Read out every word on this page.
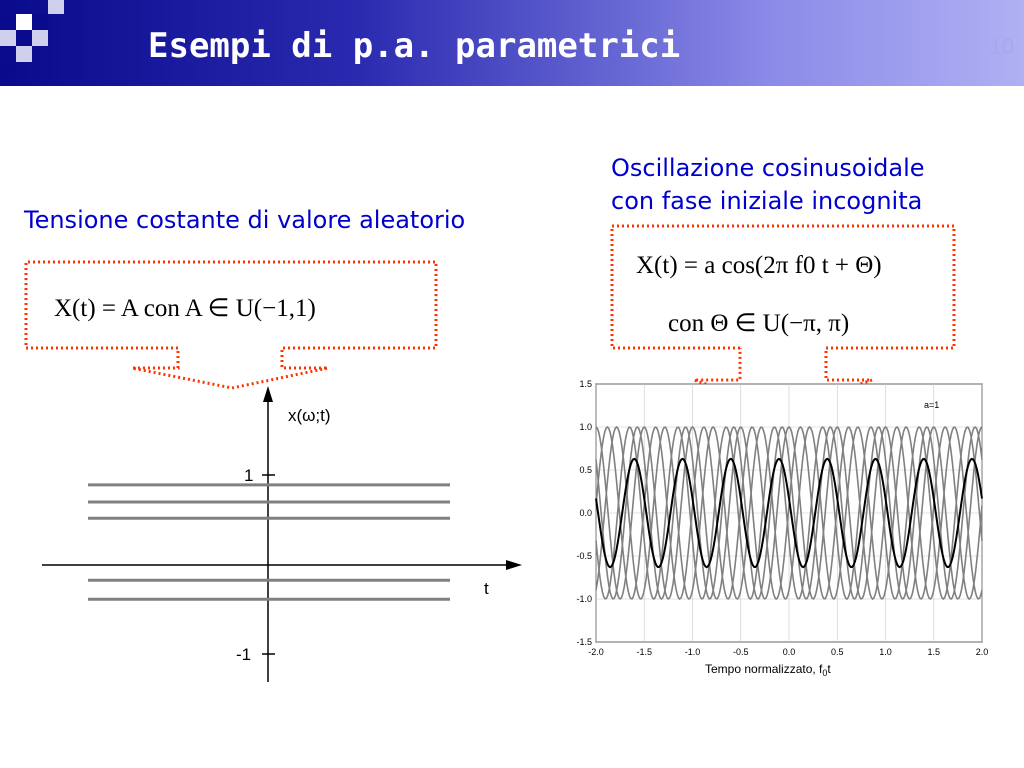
Esempi di p.a. parametrici	10
Tensione costante di valore aleatorio
Oscillazione cosinusoidale
con fase iniziale incognita
X(t) = A con A ∈ U(−1,1)
X(t) = a cos(2π f0 t + Θ)
con Θ ∈ U(−π, π)
x(ω;t)
t
1
-1	-2.0	-1.5	-1.0	-0.5	0.0	0.5	1.0	1.5	2.0
1.5
1.0
0.5
0.0
-0.5
-1.0
-1.5
a=1
Tempo normalizzato, $f_0t$
